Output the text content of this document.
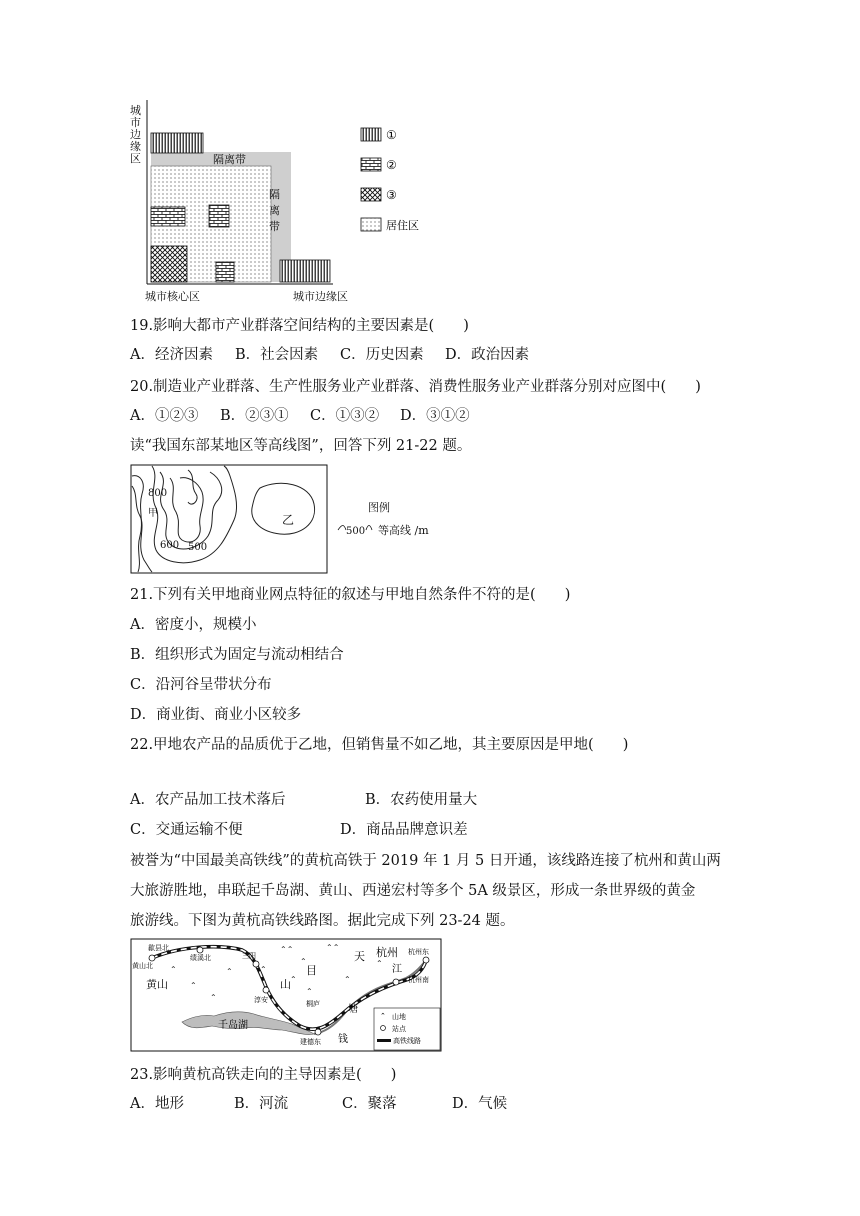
城市边缘区	隔离带
隔离带
城市核心区	城市边缘区
①
②
③
居住区
19.影响大都市产业群落空间结构的主要因素是(　　)
A．经济因素 B．社会因素 C．历史因素 D．政治因素
20.制造业产业群落、生产性服务业产业群落、消费性服务业产业群落分别对应图中(　　)
A．①②③ B．②③① C．①③② D．③①②
读“我国东部某地区等高线图”，回答下列 21-22 题。
800
甲
600 500
乙
图例
500 等高线 /m
21.下列有关甲地商业网点特征的叙述与甲地自然条件不符的是(　　)
A．密度小，规模小
B．组织形式为固定与流动相结合
C．沿河谷呈带状分布
D．商业街、商业小区较多
22.甲地农产品的品质优于乙地，但销售量不如乙地，其主要原因是甲地(　　)
A．农产品加工技术落后	B．农药使用量大
C．交通运输不便	D．商品品牌意识差
被誉为“中国最美高铁线”的黄杭高铁于 2019 年 1 月 5 日开通，该线路连接了杭州和黄山两
大旅游胜地，串联起千岛湖、黄山、西递宏村等多个 5A 级景区，形成一条世界级的黄金
旅游线。下图为黄杭高铁线路图。据此完成下列 23-24 题。
⌃⌃
⌃
⌃⌃
⌃
⌃
⌃
⌃
⌃
⌃
⌃
⌃
⌃
歙县北
黄山北
绩溪北	三阳
淳安
建德东
桐庐
杭州东
杭州南
黄山
天
目
山
杭州
江
千岛湖
塘
钱
⌃ 山地
站点
高铁线路
23.影响黄杭高铁走向的主导因素是(　　)
A．地形	B．河流	C．聚落	D．气候
